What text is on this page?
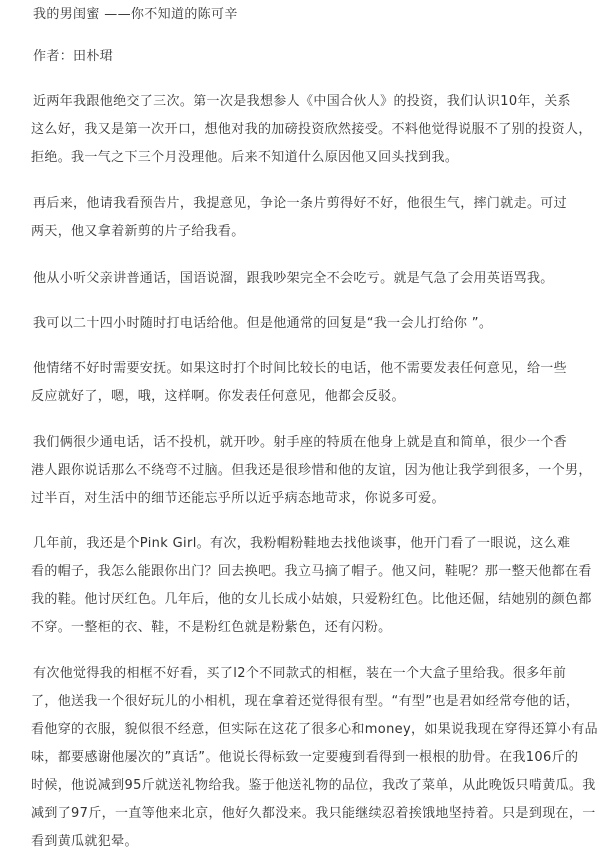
我的男闺蜜 ——你不知道的陈可辛
作者：田朴珺
近两年我跟他绝交了三次。第一次是我想参人《中国合伙人》的投资，我们认识10年，关系
这么好，我又是第一次开口，想他对我的加磅投资欣然接受。不料他觉得说服不了别的投资人，
拒绝。我一气之下三个月没理他。后来不知道什么原因他又回头找到我。
再后来，他请我看预告片，我提意见，争论一条片剪得好不好，他很生气，摔门就走。可过
两天，他又拿着新剪的片子给我看。
他从小听父亲讲普通话，国语说溜，跟我吵架完全不会吃亏。就是气急了会用英语骂我。
我可以二十四小时随时打电话给他。但是他通常的回复是“我一会儿打给你 ”。
他情绪不好时需要安抚。如果这时打个时间比较长的电话，他不需要发表任何意见，给一些
反应就好了，嗯，哦，这样啊。你发表任何意见，他都会反驳。
我们俩很少通电话，话不投机，就开吵。射手座的特质在他身上就是直和简单，很少一个香
港人跟你说话那么不绕弯不过脑。但我还是很珍惜和他的友谊，因为他让我学到很多，一个男，
过半百，对生活中的细节还能忘乎所以近乎病态地苛求，你说多可爱。
几年前，我还是个Pink Girl。有次，我粉帽粉鞋地去找他谈事，他开门看了一眼说，这么难
看的帽子，我怎么能跟你出门？回去换吧。我立马摘了帽子。他又问，鞋呢？那一整天他都在看
我的鞋。他讨厌红色。几年后，他的女儿长成小姑娘，只爱粉红色。比他还倔，结她别的颜色都
不穿。一整柜的衣、鞋，不是粉红色就是粉紫色，还有闪粉。
有次他觉得我的相框不好看，买了l2个不同款式的相框，装在一个大盒子里给我。很多年前
了，他送我一个很好玩儿的小相机，现在拿着还觉得很有型。“有型”也是君如经常夸他的话，
看他穿的衣服，貌似很不经意，但实际在这花了很多心和money，如果说我现在穿得还算小有品
味，都要感谢他屡次的”真话”。他说长得标致一定要瘦到看得到一根根的肋骨。在我106斤的
时候，他说减到95斤就送礼物给我。鉴于他送礼物的品位，我改了菜单，从此晚饭只啃黄瓜。我
减到了97斤，一直等他来北京，他好久都没来。我只能继续忍着挨饿地坚持着。只是到现在，一
看到黄瓜就犯晕。
